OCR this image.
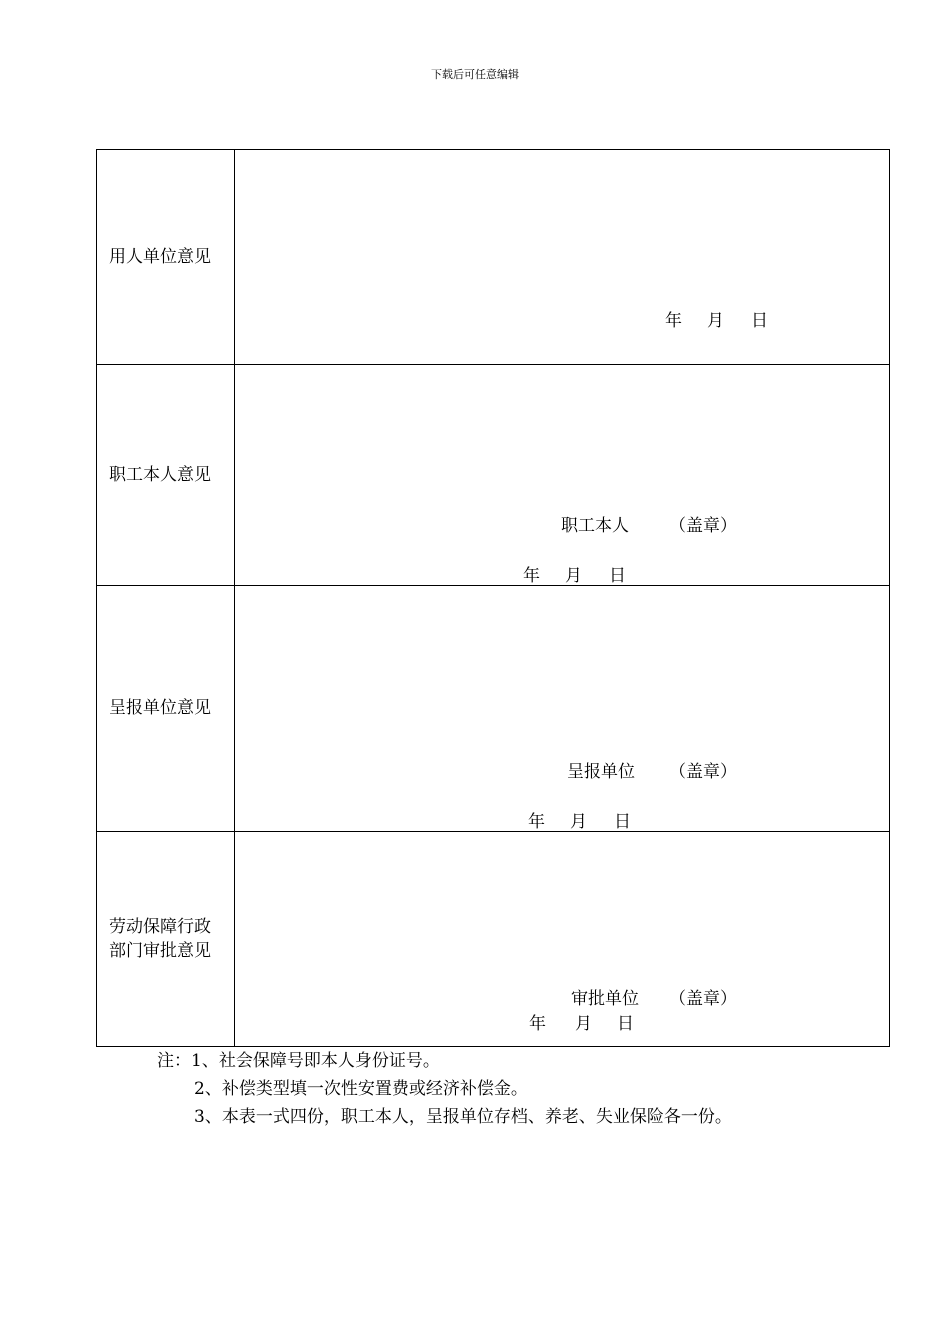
下载后可任意编辑
用人单位意见
年 月 日
职工本人意见
职工本人 （盖章）
年 月 日
呈报单位意见
呈报单位 （盖章）
年 月 日
劳动保障行政
部门审批意见
审批单位 （盖章）
年 月 日
注：1、社会保障号即本人身份证号。
2、补偿类型填一次性安置费或经济补偿金。
3、本表一式四份，职工本人，呈报单位存档、养老、失业保险各一份。
